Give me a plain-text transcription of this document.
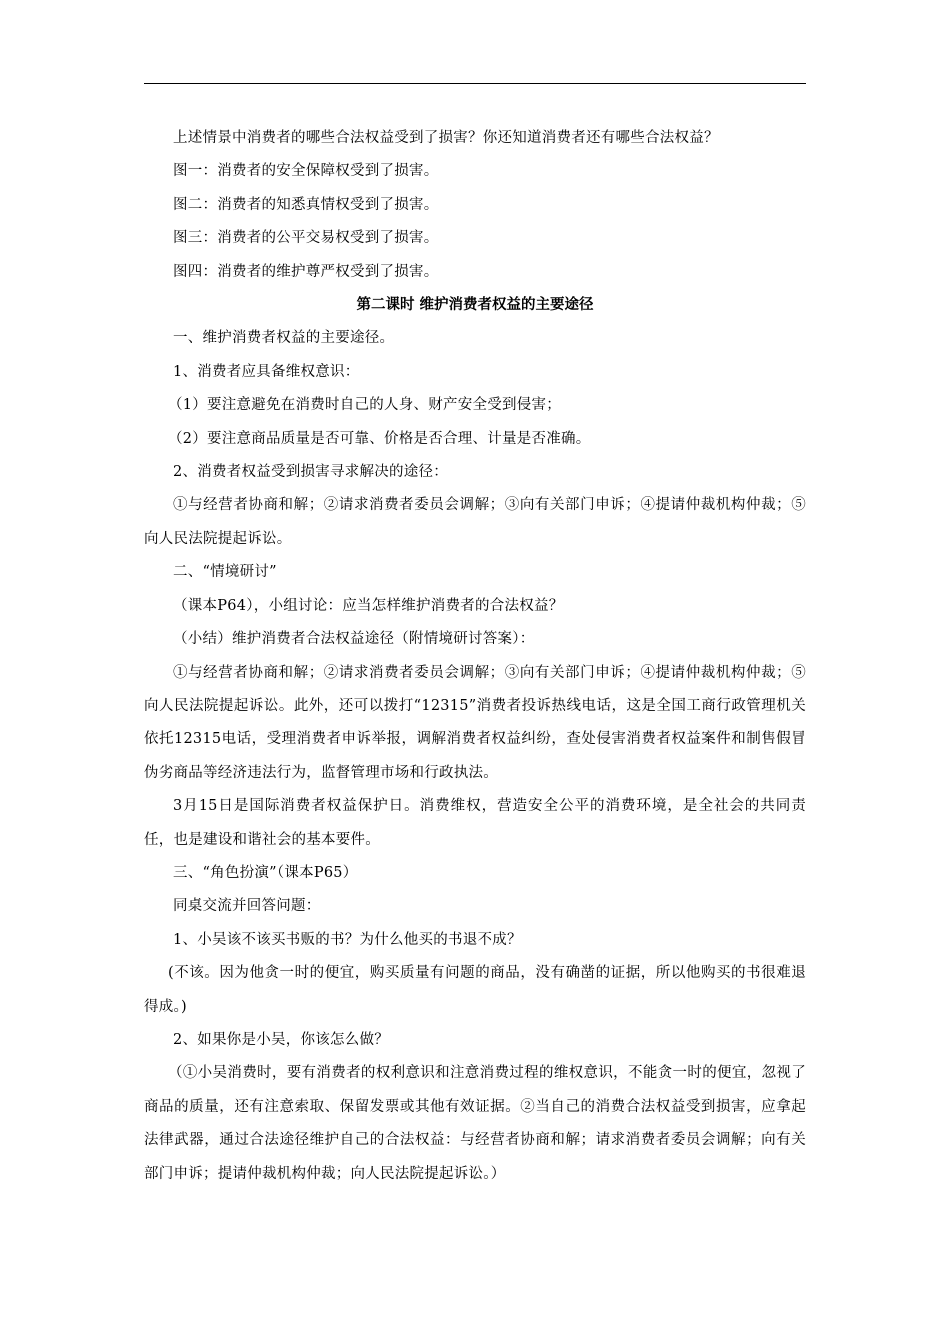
上述情景中消费者的哪些合法权益受到了损害？你还知道消费者还有哪些合法权益？

图一：消费者的安全保障权受到了损害。

图二：消费者的知悉真情权受到了损害。

图三：消费者的公平交易权受到了损害。

图四：消费者的维护尊严权受到了损害。

第二课时 维护消费者权益的主要途径

一、维护消费者权益的主要途径。

1、消费者应具备维权意识：

（1）要注意避免在消费时自己的人身、财产安全受到侵害；

（2）要注意商品质量是否可靠、价格是否合理、计量是否准确。

2、消费者权益受到损害寻求解决的途径：

①与经营者协商和解；②请求消费者委员会调解；③向有关部门申诉；④提请仲裁机构仲裁；⑤向人民法院提起诉讼。

二、“情境研讨”

（课本P64），小组讨论：应当怎样维护消费者的合法权益？

（小结）维护消费者合法权益途径（附情境研讨答案）：

①与经营者协商和解；②请求消费者委员会调解；③向有关部门申诉；④提请仲裁机构仲裁；⑤向人民法院提起诉讼。此外，还可以拨打“12315”消费者投诉热线电话，这是全国工商行政管理机关依托12315电话，受理消费者申诉举报，调解消费者权益纠纷，查处侵害消费者权益案件和制售假冒伪劣商品等经济违法行为，监督管理市场和行政执法。

3月15日是国际消费者权益保护日。消费维权，营造安全公平的消费环境，是全社会的共同责任，也是建设和谐社会的基本要件。

三、“角色扮演”（课本P65）

同桌交流并回答问题：

1、小吴该不该买书贩的书？为什么他买的书退不成？

(不该。因为他贪一时的便宜，购买质量有问题的商品，没有确凿的证据，所以他购买的书很难退得成。)

2、如果你是小吴，你该怎么做？

（①小吴消费时，要有消费者的权利意识和注意消费过程的维权意识，不能贪一时的便宜，忽视了商品的质量，还有注意索取、保留发票或其他有效证据。②当自己的消费合法权益受到损害，应拿起法律武器，通过合法途径维护自己的合法权益：与经营者协商和解；请求消费者委员会调解；向有关部门申诉；提请仲裁机构仲裁；向人民法院提起诉讼。）
